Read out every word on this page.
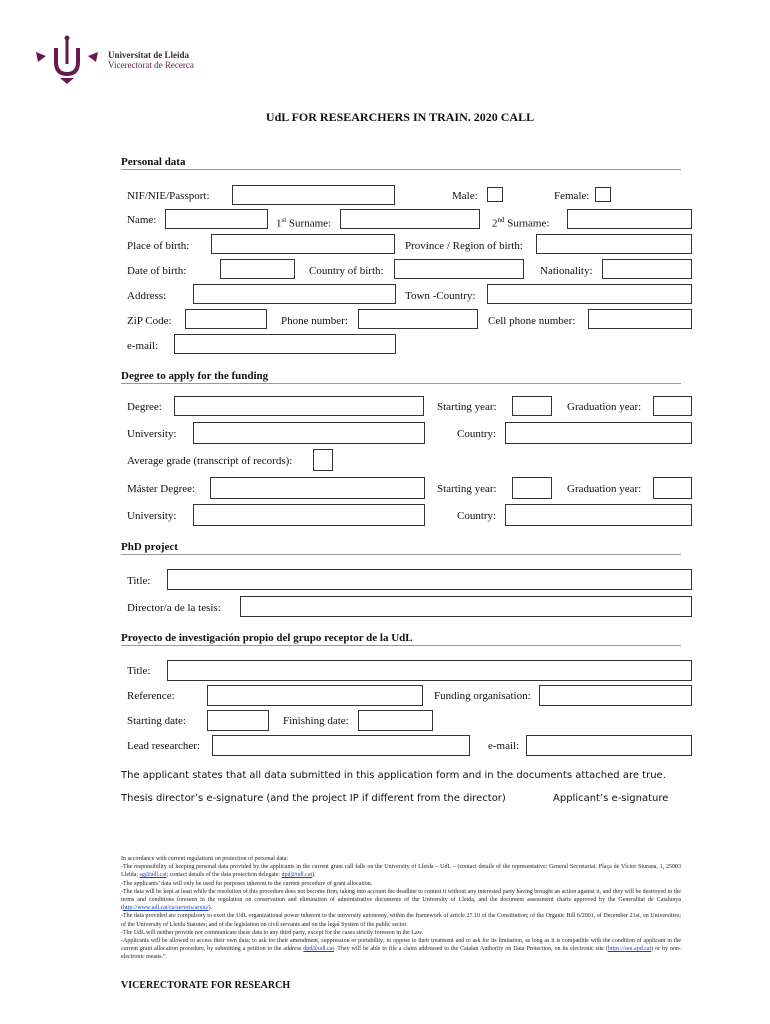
Universitat de Lleida
Vicerectorat de Recerca
UdL FOR RESEARCHERS IN TRAIN. 2020 CALL
Personal data
NIF/NIE/Passport:	Male:	Female:
Name:	1st Surname:	2nd Surname:
Place of birth:	Province / Region of birth:
Date of birth:	Country of birth:	Nationality:
Address:	Town -Country:
ZiP Code:	Phone number:	Cell phone number:
e-mail:
Degree to apply for the funding
Degree:	Starting year:	Graduation year:
University:	Country:
Average grade (transcript of records):
Máster Degree:	Starting year:	Graduation year:
University:	Country:
PhD project
Title:
Director/a de la tesis:
Proyecto de investigación propio del grupo receptor de la UdL
Title:
Reference:	Funding organisation:
Starting date:	Finishing date:
Lead researcher:	e-mail:
The applicant states that all data submitted in this application form and in the documents attached are true.
Thesis director’s e-signature (and the project IP if different from the director)	Applicant’s e-signature

In accordance with current regulations on protection of personal data:

-The responsibility of keeping personal data provided by the applicants in the current grant call falls on the University of Lleida – UdL – (contact details of the representative: General Secretariat. Plaça de Víctor Siurana, 1, 25003 Lleida; sg@udl.cat; contact details of the data protection delegate: dpd@udl.cat).

-The applicants’ data will only be used for purposes inherent to the current procedure of grant allocation.

-The data will be kept at least while the resolution of this procedure does not become firm, taking into account the deadline to contest it without any interested party having brought an action against it, and they will be destroyed in the terms and conditions foreseen in the regulation on conservation and elimination of administrative documents of the University of Lleida, and the document assessment charts approved by the Generalitat de Catalunya (http://www.udl.cat/ca/serveis/arxiu/).

-The data provided are compulsory to exert the UdL organizational power inherent to the university autonomy, within the framework of article 27.10 of the Constitution; of the Organic Bill 6/2001, of December 21st, on Universities; of the University of Lleida Statutes; and of the legislation on civil servants and on the legal System of the public sector.

-The UdL will neither provide nor communicate these data to any third party, except for the cases strictly foreseen in the Law.

-Applicants will be allowed to access their own data; to ask for their amendment, suppression or portability; to oppose to their treatment and to ask for its limitation, as long as it is compatible with the condition of applicant in the current grant allocation procedure, by submitting a petition to the address dpd@udl.cat. They will be able to file a claim addressed to the Catalan Authority on Data Protection, on its electronic site (https://seu.apd.cat) or by non-electronic means.”

VICERECTORATE FOR RESEARCH
